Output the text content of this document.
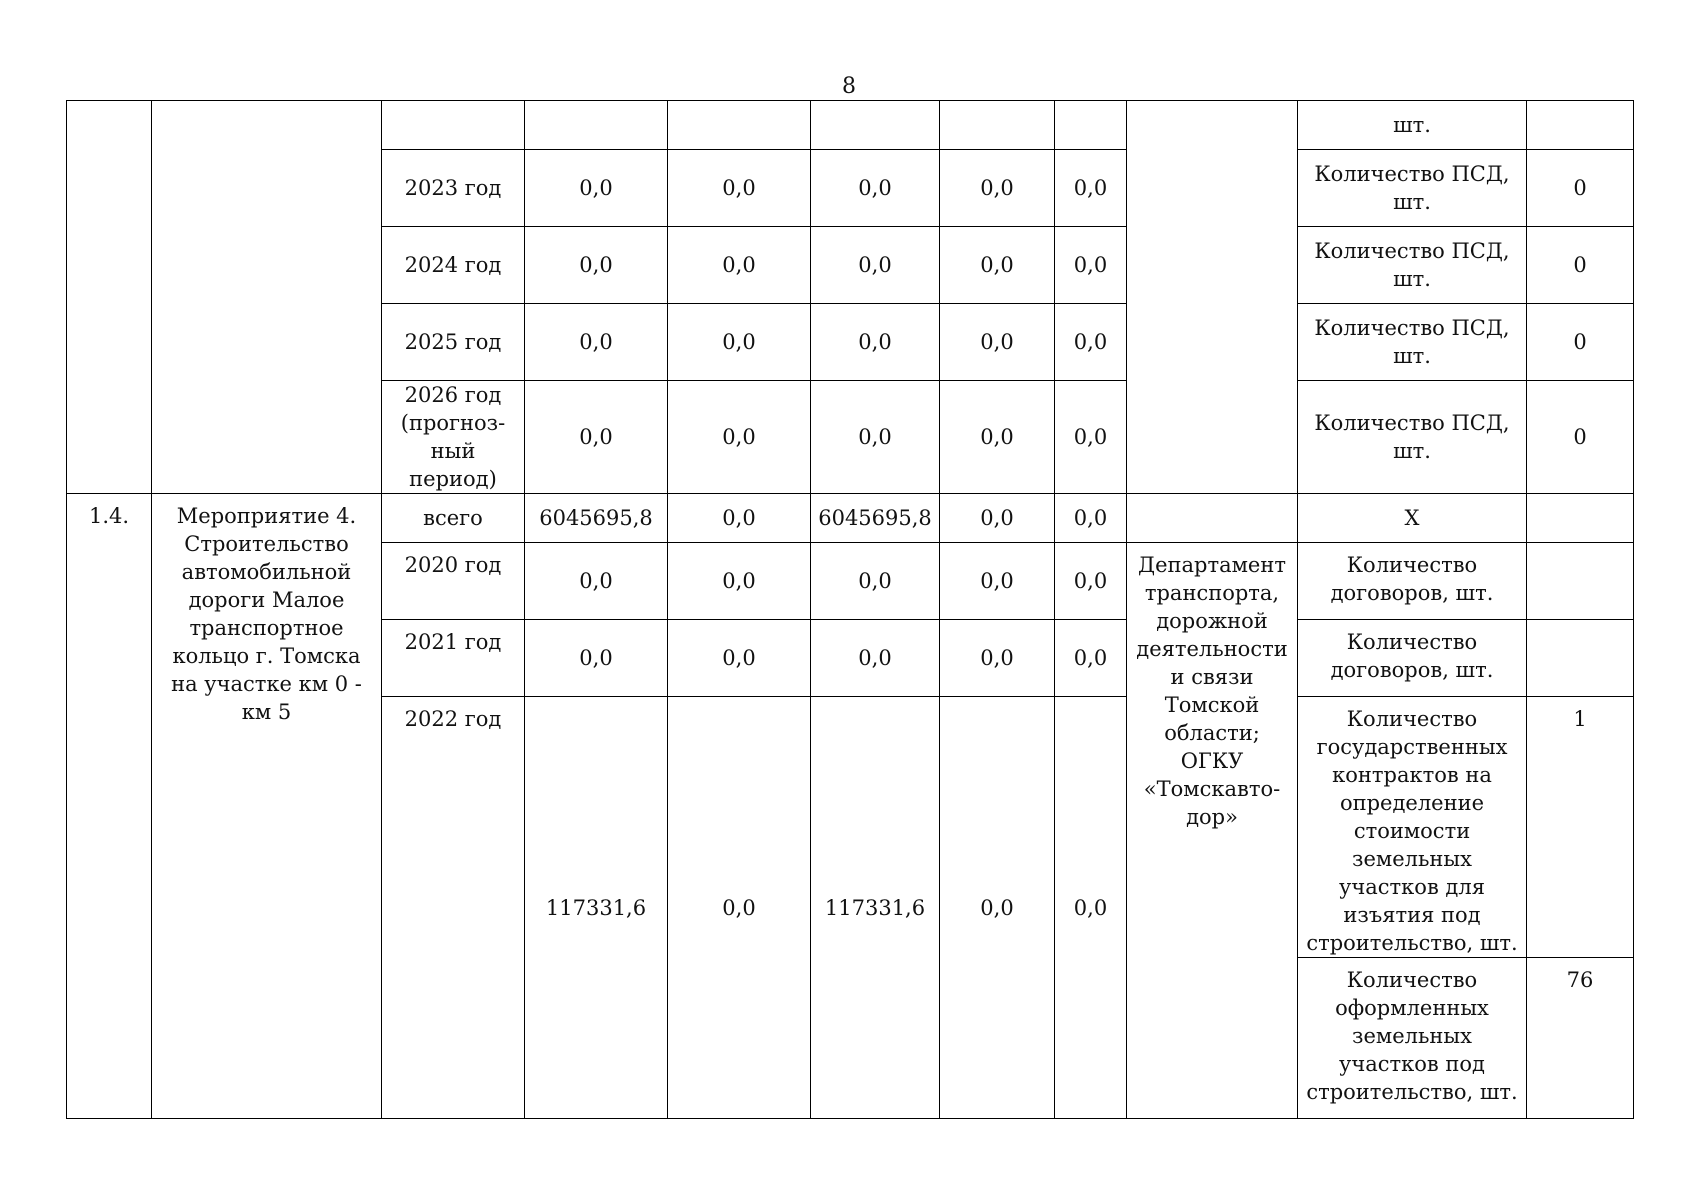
8
									шт.	
		2023 год	0,0	0,0	0,0	0,0	0,0		Количество ПСД, шт.	0
		2024 год	0,0	0,0	0,0	0,0	0,0		Количество ПСД, шт.	0
		2025 год	0,0	0,0	0,0	0,0	0,0		Количество ПСД, шт.	0
		2026 год (прогноз-ный период)	0,0	0,0	0,0	0,0	0,0		Количество ПСД, шт.	0
1.4.	Мероприятие 4. Строительство автомобильной дороги Малое транспортное кольцо г. Томска на участке км 0 - км 5	всего	6045695,8	0,0	6045695,8	0,0	0,0		Х	
		2020 год	0,0	0,0	0,0	0,0	0,0	Департамент транспорта, дорожной деятельности и связи Томской области; ОГКУ «Томскавто-дор»	Количество договоров, шт.	
		2021 год	0,0	0,0	0,0	0,0	0,0		Количество договоров, шт.	
		2022 год	117331,6	0,0	117331,6	0,0	0,0		Количество государственных контрактов на определение стоимости земельных участков для изъятия под строительство, шт.	1
									Количество оформленных земельных участков под строительство, шт.	76
